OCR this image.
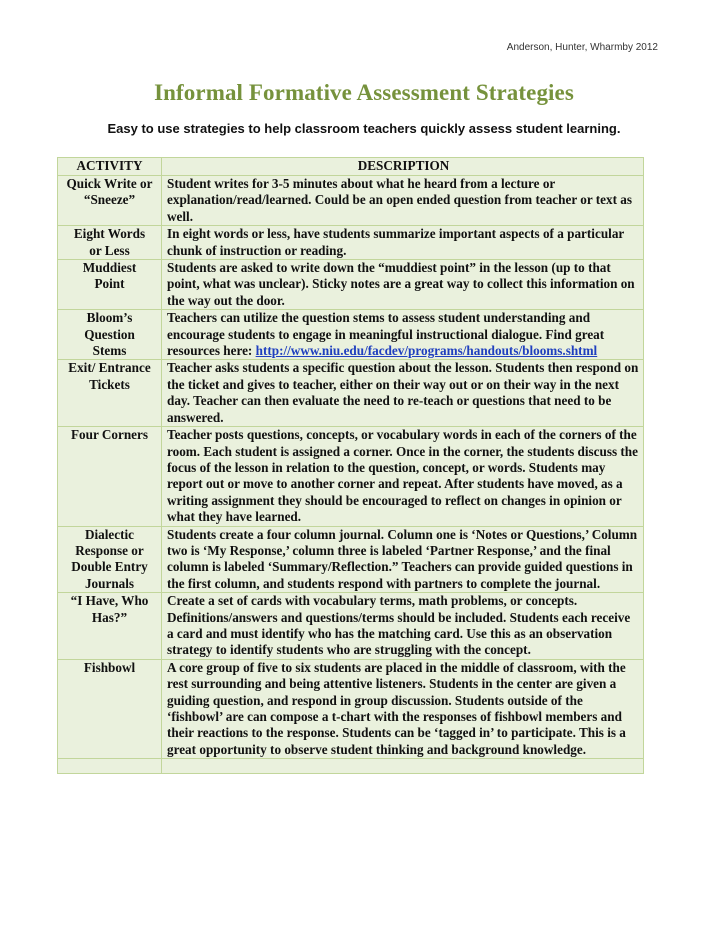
Anderson, Hunter, Wharmby 2012
Informal Formative Assessment Strategies
Easy to use strategies to help classroom teachers quickly assess student learning.
ACTIVITY	DESCRIPTION
Quick Write or “Sneeze”	Student writes for 3-5 minutes about what he heard from a lecture or explanation/read/learned. Could be an open ended question from teacher or text as well.
Eight Words or Less	In eight words or less, have students summarize important aspects of a particular chunk of instruction or reading.
Muddiest Point	Students are asked to write down the “muddiest point” in the lesson (up to that point, what was unclear). Sticky notes are a great way to collect this information on the way out the door.
Bloom’s Question Stems	Teachers can utilize the question stems to assess student understanding and encourage students to engage in meaningful instructional dialogue. Find great resources here: http://www.niu.edu/facdev/programs/handouts/blooms.shtml
Exit/ Entrance Tickets	Teacher asks students a specific question about the lesson. Students then respond on the ticket and gives to teacher, either on their way out or on their way in the next day. Teacher can then evaluate the need to re-teach or questions that need to be answered.
Four Corners	Teacher posts questions, concepts, or vocabulary words in each of the corners of the room. Each student is assigned a corner. Once in the corner, the students discuss the focus of the lesson in relation to the question, concept, or words. Students may report out or move to another corner and repeat. After students have moved, as a writing assignment they should be encouraged to reflect on changes in opinion or what they have learned.
Dialectic Response or Double Entry Journals	Students create a four column journal. Column one is ‘Notes or Questions,’ Column two is ‘My Response,’ column three is labeled ‘Partner Response,’ and the final column is labeled ‘Summary/Reflection.” Teachers can provide guided questions in the first column, and students respond with partners to complete the journal.
“I Have, Who Has?”	Create a set of cards with vocabulary terms, math problems, or concepts. Definitions/answers and questions/terms should be included. Students each receive a card and must identify who has the matching card. Use this as an observation strategy to identify students who are struggling with the concept.
Fishbowl	A core group of five to six students are placed in the middle of classroom, with the rest surrounding and being attentive listeners. Students in the center are given a guiding question, and respond in group discussion. Students outside of the ‘fishbowl’ are can compose a t-chart with the responses of fishbowl members and their reactions to the response. Students can be ‘tagged in’ to participate. This is a great opportunity to observe student thinking and background knowledge.
